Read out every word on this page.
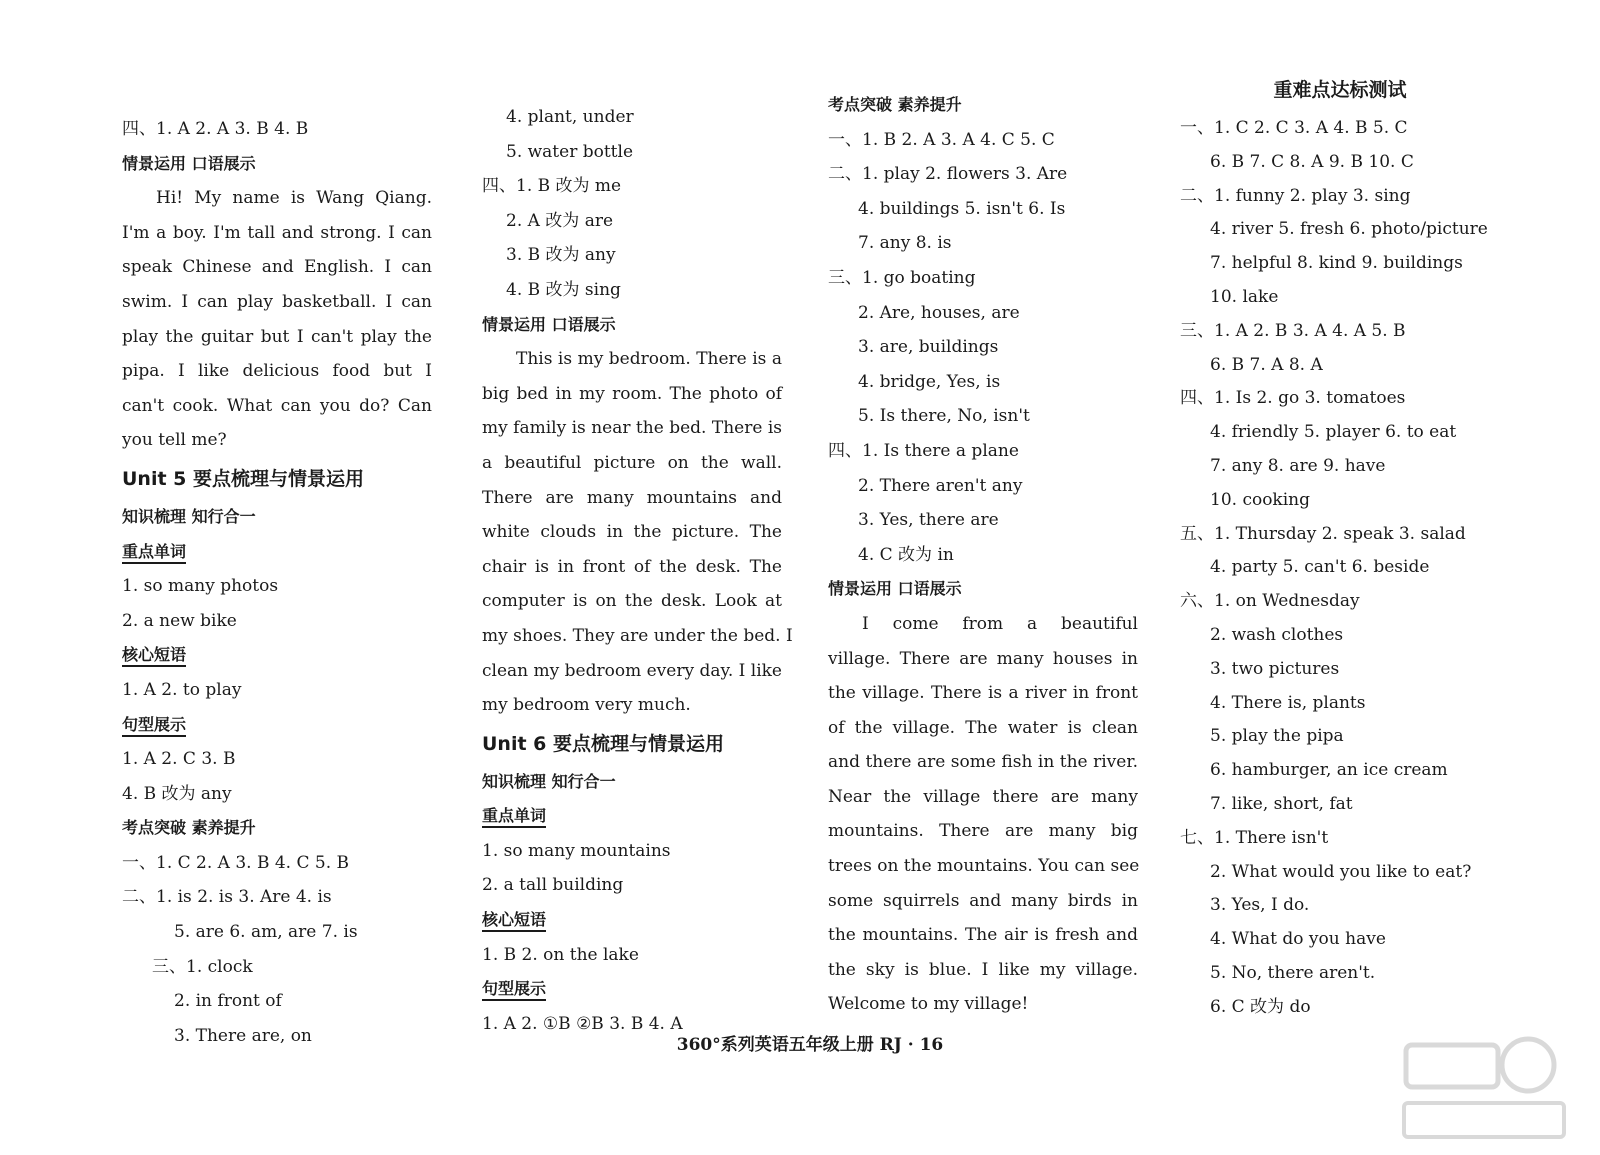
四、1. A 2. A 3. B 4. B
情景运用 口语展示
Hi! My name is Wang Qiang.
I'm a boy. I'm tall and strong. I can
speak Chinese and English. I can
swim. I can play basketball. I can
play the guitar but I can't play the
pipa. I like delicious food but I
can't cook. What can you do? Can
you tell me?
Unit 5 要点梳理与情景运用
知识梳理 知行合一
重点单词
1. so many photos
2. a new bike
核心短语
1. A 2. to play
句型展示
1. A 2. C 3. B
4. B 改为 any
考点突破 素养提升
一、1. C 2. A 3. B 4. C 5. B
二、1. is 2. is 3. Are 4. is
5. are 6. am, are 7. is
三、1. clock
2. in front of
3. There are, on
4. plant, under
5. water bottle
四、1. B 改为 me
2. A 改为 are
3. B 改为 any
4. B 改为 sing
情景运用 口语展示
This is my bedroom. There is a
big bed in my room. The photo of
my family is near the bed. There is
a beautiful picture on the wall.
There are many mountains and
white clouds in the picture. The
chair is in front of the desk. The
computer is on the desk. Look at
my shoes. They are under the bed. I
clean my bedroom every day. I like
my bedroom very much.
Unit 6 要点梳理与情景运用
知识梳理 知行合一
重点单词
1. so many mountains
2. a tall building
核心短语
1. B 2. on the lake
句型展示
1. A 2. ①B ②B 3. B 4. A
考点突破 素养提升
一、1. B 2. A 3. A 4. C 5. C
二、1. play 2. flowers 3. Are
4. buildings 5. isn't 6. Is
7. any 8. is
三、1. go boating
2. Are, houses, are
3. are, buildings
4. bridge, Yes, is
5. Is there, No, isn't
四、1. Is there a plane
2. There aren't any
3. Yes, there are
4. C 改为 in
情景运用 口语展示
I come from a beautiful
village. There are many houses in
the village. There is a river in front
of the village. The water is clean
and there are some fish in the river.
Near the village there are many
mountains. There are many big
trees on the mountains. You can see
some squirrels and many birds in
the mountains. The air is fresh and
the sky is blue. I like my village.
Welcome to my village!
重难点达标测试
一、1. C 2. C 3. A 4. B 5. C
6. B 7. C 8. A 9. B 10. C
二、1. funny 2. play 3. sing
4. river 5. fresh 6. photo/picture
7. helpful 8. kind 9. buildings
10. lake
三、1. A 2. B 3. A 4. A 5. B
6. B 7. A 8. A
四、1. Is 2. go 3. tomatoes
4. friendly 5. player 6. to eat
7. any 8. are 9. have
10. cooking
五、1. Thursday 2. speak 3. salad
4. party 5. can't 6. beside
六、1. on Wednesday
2. wash clothes
3. two pictures
4. There is, plants
5. play the pipa
6. hamburger, an ice cream
7. like, short, fat
七、1. There isn't
2. What would you like to eat?
3. Yes, I do.
4. What do you have
5. No, there aren't.
6. C 改为 do
360°系列英语五年级上册 RJ · 16
